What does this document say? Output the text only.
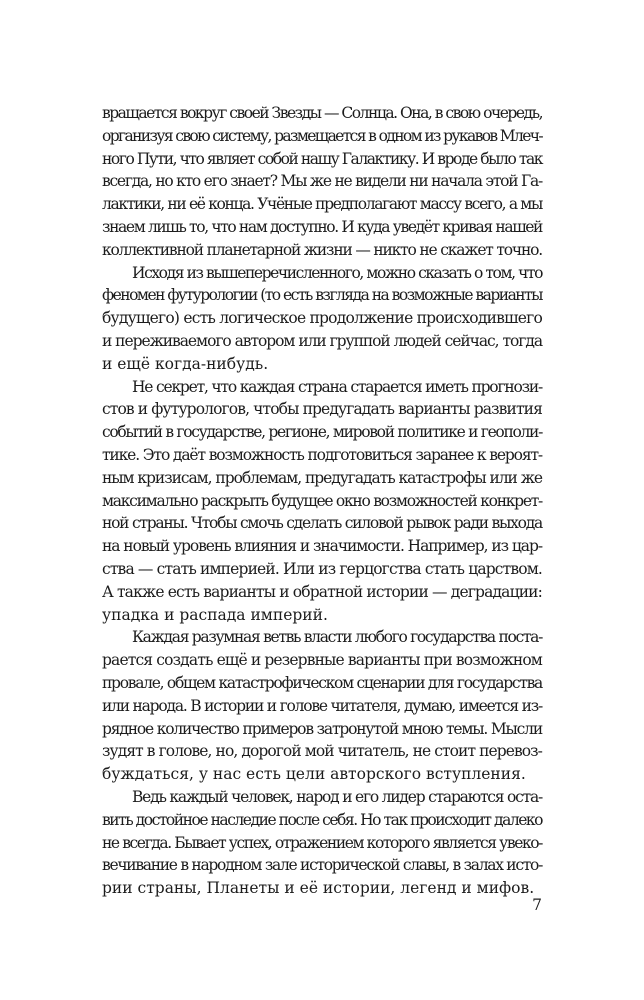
вращается вокруг своей Звезды — Солнца. Она, в свою очередь,
организуя свою систему, размещается в одном из рукавов Млеч-
ного Пути, что являет собой нашу Галактику. И вроде было так
всегда, но кто его знает? Мы же не видели ни начала этой Га-
лактики, ни её конца. Учёные предполагают массу всего, а мы
знаем лишь то, что нам доступно. И куда уведёт кривая нашей
коллективной планетарной жизни — никто не скажет точно.

Исходя из вышеперечисленного, можно сказать о том, что
феномен футурологии (то есть взгляда на возможные варианты
будущего) есть логическое продолжение происходившего
и переживаемого автором или группой людей сейчас, тогда
и ещё когда-нибудь.

Не секрет, что каждая страна старается иметь прогнози-
стов и футурологов, чтобы предугадать варианты развития
событий в государстве, регионе, мировой политике и геополи-
тике. Это даёт возможность подготовиться заранее к вероят-
ным кризисам, проблемам, предугадать катастрофы или же
максимально раскрыть будущее окно возможностей конкрет-
ной страны. Чтобы смочь сделать силовой рывок ради выхода
на новый уровень влияния и значимости. Например, из цар-
ства — стать империей. Или из герцогства стать царством.
А также есть варианты и обратной истории — деградации:
упадка и распада империй.

Каждая разумная ветвь власти любого государства поста-
рается создать ещё и резервные варианты при возможном
провале, общем катастрофическом сценарии для государства
или народа. В истории и голове читателя, думаю, имеется из-
рядное количество примеров затронутой мною темы. Мысли
зудят в голове, но, дорогой мой читатель, не стоит перевоз-
буждаться, у нас есть цели авторского вступления.

Ведь каждый человек, народ и его лидер стараются оста-
вить достойное наследие после себя. Но так происходит далеко
не всегда. Бывает успех, отражением которого является увеко-
вечивание в народном зале исторической славы, в залах исто-
рии страны, Планеты и её истории, легенд и мифов.

7
